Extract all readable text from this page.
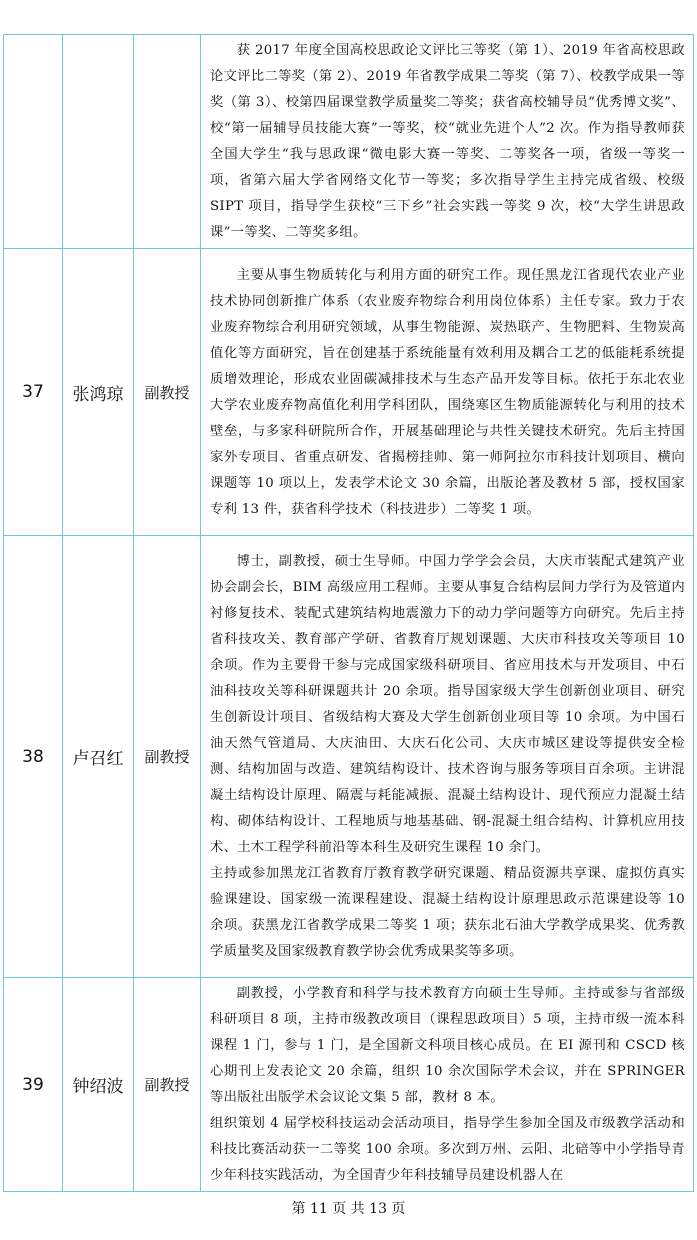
			获 2017 年度全国高校思政论文评比三等奖（第 1）、2019 年省高校思政论文评比二等奖（第 2）、2019 年省教学成果二等奖（第 7）、校教学成果一等奖（第 3）、校第四届课堂教学质量奖二等奖；获省高校辅导员“优秀博文奖”、校“第一届辅导员技能大赛”一等奖，校“就业先进个人”2 次。作为指导教师获全国大学生“我与思政课“微电影大赛一等奖、二等奖各一项，省级一等奖一项，省第六届大学省网络文化节一等奖；多次指导学生主持完成省级、校级 SIPT 项目，指导学生获校“三下乡”社会实践一等奖 9 次，校“大学生讲思政课”一等奖、二等奖多组。

37	张鸿琼	副教授	主要从事生物质转化与利用方面的研究工作。现任黑龙江省现代农业产业技术协同创新推广体系（农业废弃物综合利用岗位体系）主任专家。致力于农业废弃物综合利用研究领域，从事生物能源、炭热联产、生物肥料、生物炭高值化等方面研究，旨在创建基于系统能量有效利用及耦合工艺的低能耗系统提质增效理论，形成农业固碳减排技术与生态产品开发等目标。依托于东北农业大学农业废弃物高值化利用学科团队，围绕寒区生物质能源转化与利用的技术壁垒，与多家科研院所合作，开展基础理论与共性关键技术研究。先后主持国家外专项目、省重点研发、省揭榜挂帅、第一师阿拉尔市科技计划项目、横向课题等 10 项以上，发表学术论文 30 余篇，出版论著及教材 5 部，授权国家专利 13 件，获省科学技术（科技进步）二等奖 1 项。

38	卢召红	副教授	博士，副教授，硕士生导师。中国力学学会会员，大庆市装配式建筑产业协会副会长，BIM 高级应用工程师。主要从事复合结构层间力学行为及管道内衬修复技术、装配式建筑结构地震激力下的动力学问题等方向研究。先后主持省科技攻关、教育部产学研、省教育厅规划课题、大庆市科技攻关等项目 10 余项。作为主要骨干参与完成国家级科研项目、省应用技术与开发项目、中石油科技攻关等科研课题共计 20 余项。指导国家级大学生创新创业项目、研究生创新设计项目、省级结构大赛及大学生创新创业项目等 10 余项。为中国石油天然气管道局、大庆油田、大庆石化公司、大庆市城区建设等提供安全检测、结构加固与改造、建筑结构设计、技术咨询与服务等项目百余项。主讲混凝土结构设计原理、隔震与耗能减振、混凝土结构设计、现代预应力混凝土结构、砌体结构设计、工程地质与地基基础、钢-混凝土组合结构、计算机应用技术、土木工程学科前沿等本科生及研究生课程 10 余门。

主持或参加黑龙江省教育厅教育教学研究课题、精品资源共享课、虚拟仿真实验课建设、国家级一流课程建设、混凝土结构设计原理思政示范课建设等 10 余项。获黑龙江省教学成果二等奖 1 项；获东北石油大学教学成果奖、优秀教学质量奖及国家级教育教学协会优秀成果奖等多项。

39	钟绍波	副教授	副教授，小学教育和科学与技术教育方向硕士生导师。主持或参与省部级科研项目 8 项，主持市级教改项目（课程思政项目）5 项，主持市级一流本科课程 1 门，参与 1 门，是全国新文科项目核心成员。在 EI 源刊和 CSCD 核心期刊上发表论文 20 余篇，组织 10 余次国际学术会议，并在 SPRINGER 等出版社出版学术会议论文集 5 部，教材 8 本。

组织策划 4 届学校科技运动会活动项目，指导学生参加全国及市级教学活动和科技比赛活动获一二等奖 100 余项。多次到万州、云阳、北碚等中小学指导青少年科技实践活动，为全国青少年科技辅导员建设机器人在

第 11 页 共 13 页
